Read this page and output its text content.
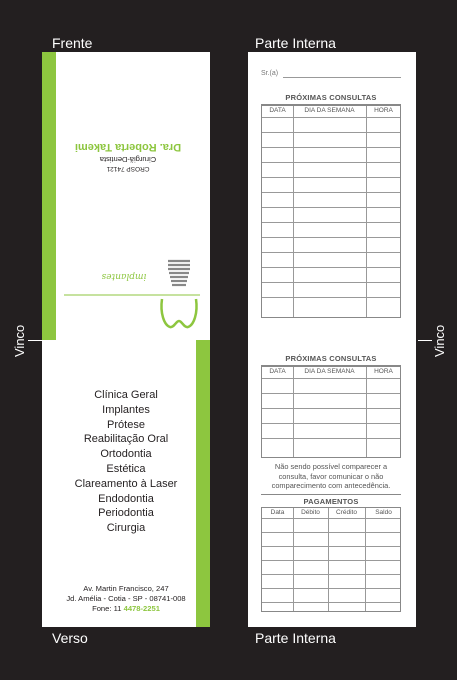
Frente
Verso
Parte Interna
Parte Interna
Vinco	Vinco
CROSP 74121
Cirurgiã-Dentista
Dra. Roberta Takemi
implantes
Clínica Geral
Implantes
Prótese
Reabilitação Oral
Ortodontia
Estética
Clareamento à Laser
Endodontia
Periodontia
Cirurgia
Av. Martin Francisco, 247
Jd. Amélia - Cotia - SP - 08741-008
Fone: 11 4478-2251
Sr.(a)
PRÓXIMAS CONSULTAS
DATA	DIA DA SEMANA	HORA
PRÓXIMAS CONSULTAS
DATA	DIA DA SEMANA	HORA
Não sendo possível comparecer a consulta, favor comunicar o não comparecimento com antecedência.
PAGAMENTOS
Data	Débito	Crédito	Saldo
